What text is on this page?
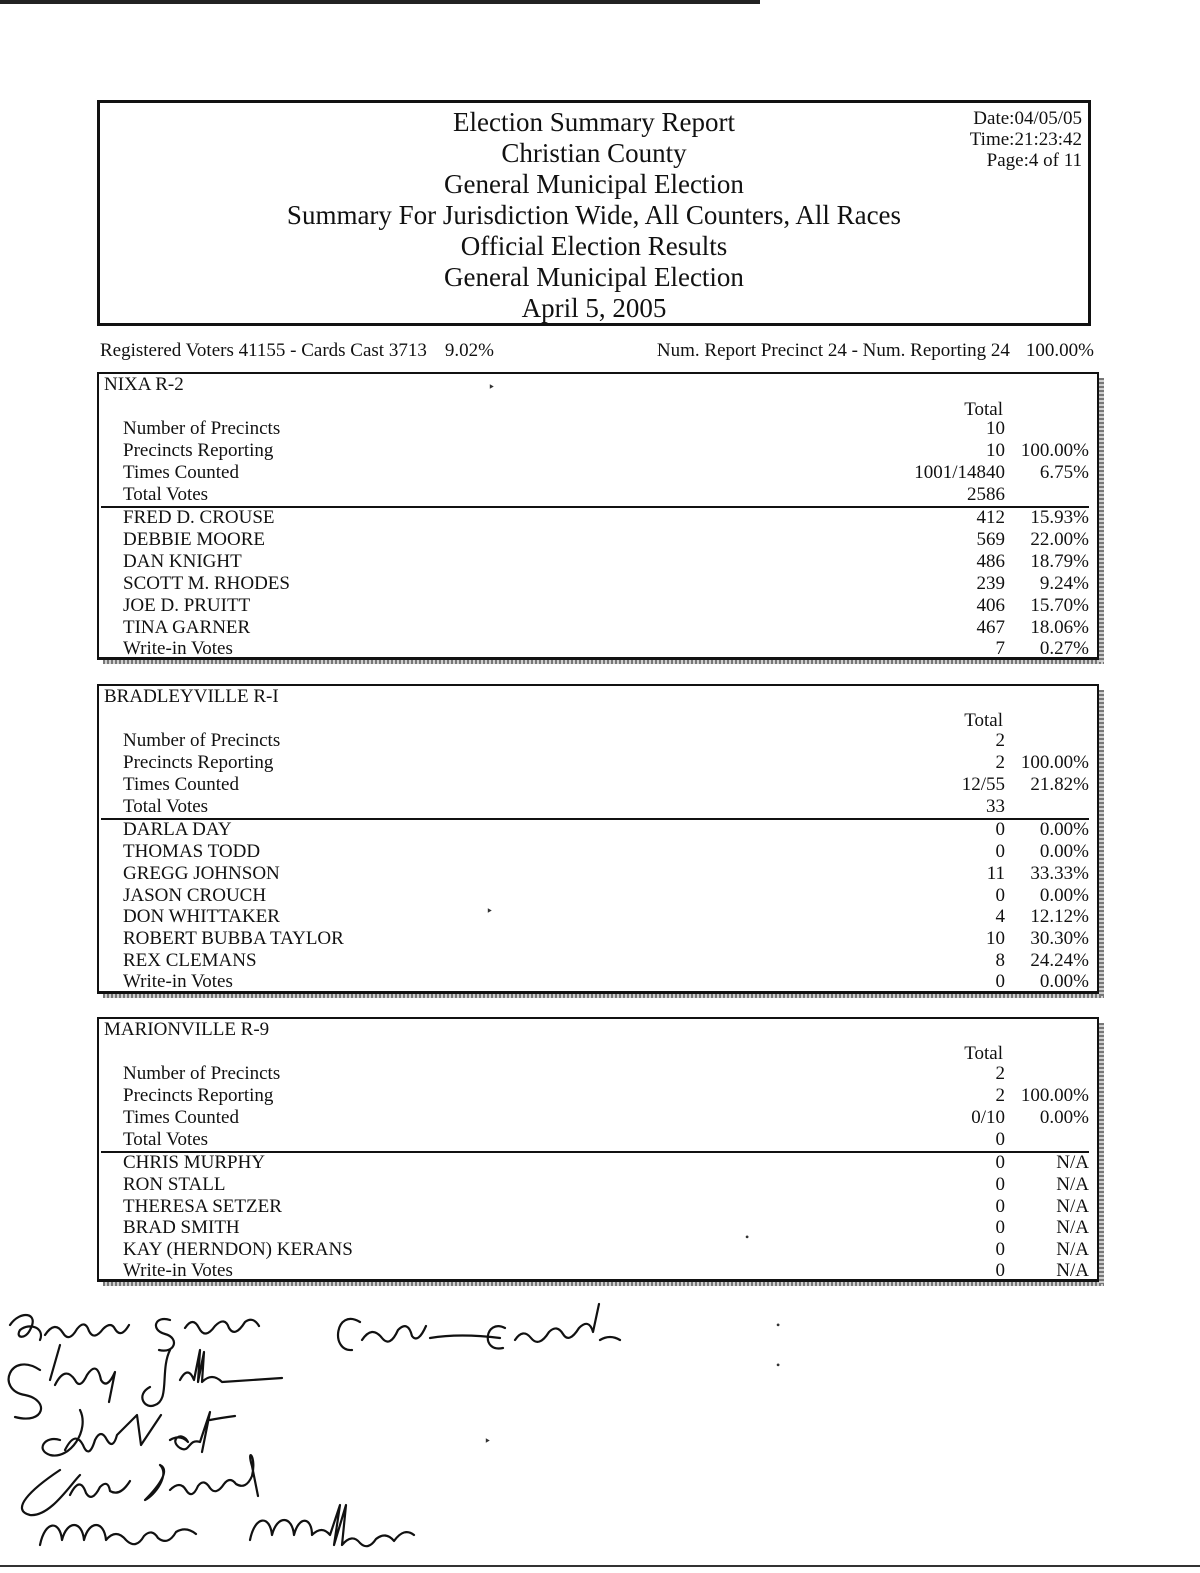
Election Summary Report
Christian County
General Municipal Election
Summary For Jurisdiction Wide, All Counters, All Races
Official Election Results
General Municipal Election
April 5, 2005
Date:04/05/05
Time:21:23:42
Page:4 of 11
Registered Voters 41155 - Cards Cast 3713 9.02%	Num. Report Precinct 24 - Num. Reporting 24 100.00%
NIXA R-2
Total
Number of Precincts	10
Precincts Reporting	10 100.00%
Times Counted	1001/14840 6.75%
Total Votes	2586
FRED D. CROUSE	412 15.93%
DEBBIE MOORE	569 22.00%
DAN KNIGHT	486 18.79%
SCOTT M. RHODES	239 9.24%
JOE D. PRUITT	406 15.70%
TINA GARNER	467 18.06%
Write-in Votes	7 0.27%
BRADLEYVILLE R-I
Total
Number of Precincts	2
Precincts Reporting	2 100.00%
Times Counted	12/55 21.82%
Total Votes	33
DARLA DAY	0 0.00%
THOMAS TODD	0 0.00%
GREGG JOHNSON	11 33.33%
JASON CROUCH	0 0.00%
DON WHITTAKER	4 12.12%
ROBERT BUBBA TAYLOR	10 30.30%
REX CLEMANS	8 24.24%
Write-in Votes	0 0.00%
MARIONVILLE R-9
Total
Number of Precincts	2
Precincts Reporting	2 100.00%
Times Counted	0/10 0.00%
Total Votes	0
CHRIS MURPHY	0	N/A
RON STALL	0	N/A
THERESA SETZER	0	N/A
BRAD SMITH	0	N/A
KAY (HERNDON) KERANS	0	N/A
Write-in Votes	0	N/A
‣
‣
•
•
•
‣
